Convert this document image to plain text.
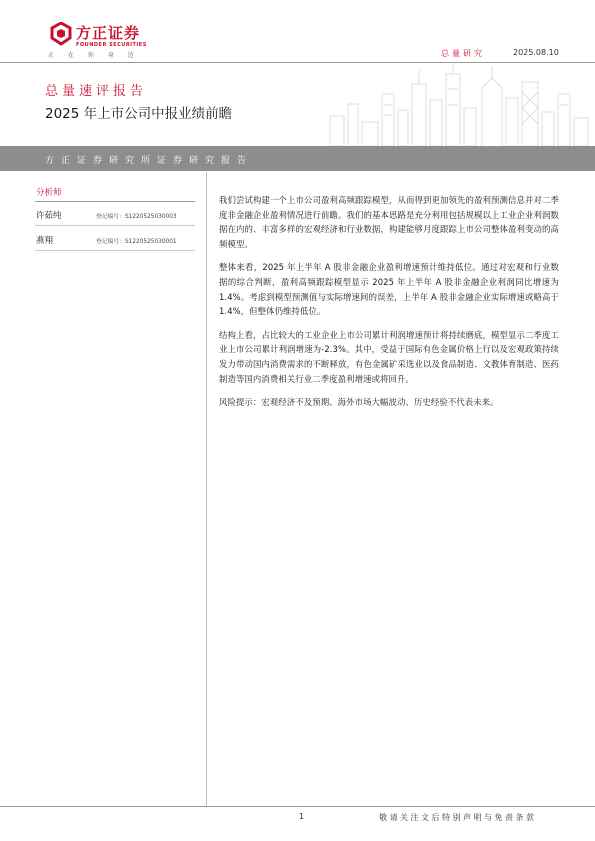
方正证券
FOUNDER SECURITIES
正 在 你 身 边	总量研究	2025.08.10
总量速评报告
2025 年上市公司中报业绩前瞻
方正证券研究所证券研究报告
分析师
许茹纯	登记编号：S1220525030003
燕翔	登记编号：S1220525030001

我们尝试构建一个上市公司盈利高频跟踪模型，从而得到更加领先的盈利预测信息并对二季度非金融企业盈利情况进行前瞻。我们的基本思路是充分利用包括规模以上工业企业利润数据在内的、丰富多样的宏观经济和行业数据，构建能够月度跟踪上市公司整体盈利变动的高频模型。

整体来看，2025 年上半年 A 股非金融企业盈利增速预计维持低位。通过对宏观和行业数据的综合判断，盈利高频跟踪模型显示 2025 年上半年 A 股非金融企业利润同比增速为 1.4%。考虑到模型预测值与实际增速间的误差，上半年 A 股非金融企业实际增速或略高于 1.4%，但整体仍维持低位。

结构上看，占比较大的工业企业上市公司累计利润增速预计将持续磨底，模型显示二季度工业上市公司累计利润增速为-2.3%。其中，受益于国际有色金属价格上行以及宏观政策持续发力带动国内消费需求的不断释放，有色金属矿采选业以及食品制造、文教体育制造、医药制造等国内消费相关行业二季度盈利增速或将回升。

风险提示：宏观经济不及预期、海外市场大幅波动、历史经验不代表未来。

1	敬请关注文后特别声明与免责条款
